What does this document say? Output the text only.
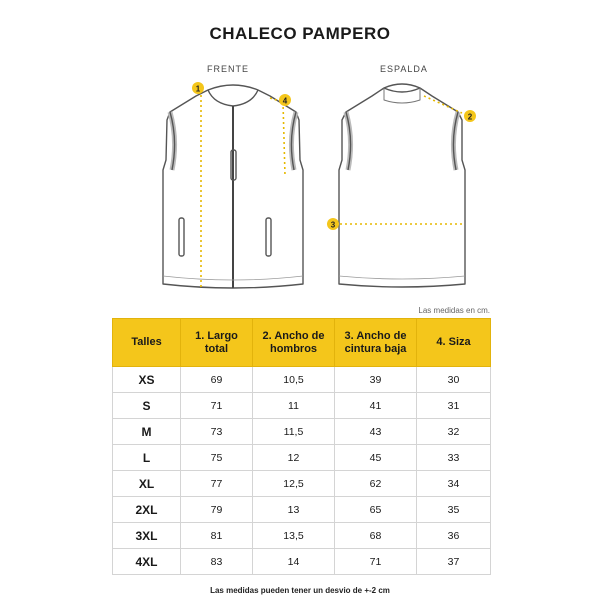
CHALECO PAMPERO
FRENTE	ESPALDA
1
4
2
3
Las medidas en cm.
Talles	1. Largo total	2. Ancho de hombros	3. Ancho de cintura baja	4. Siza
XS	69	10,5	39	30
S	71	11	41	31
M	73	11,5	43	32
L	75	12	45	33
XL	77	12,5	62	34
2XL	79	13	65	35
3XL	81	13,5	68	36
4XL	83	14	71	37
Las medidas pueden tener un desvio de +-2 cm
